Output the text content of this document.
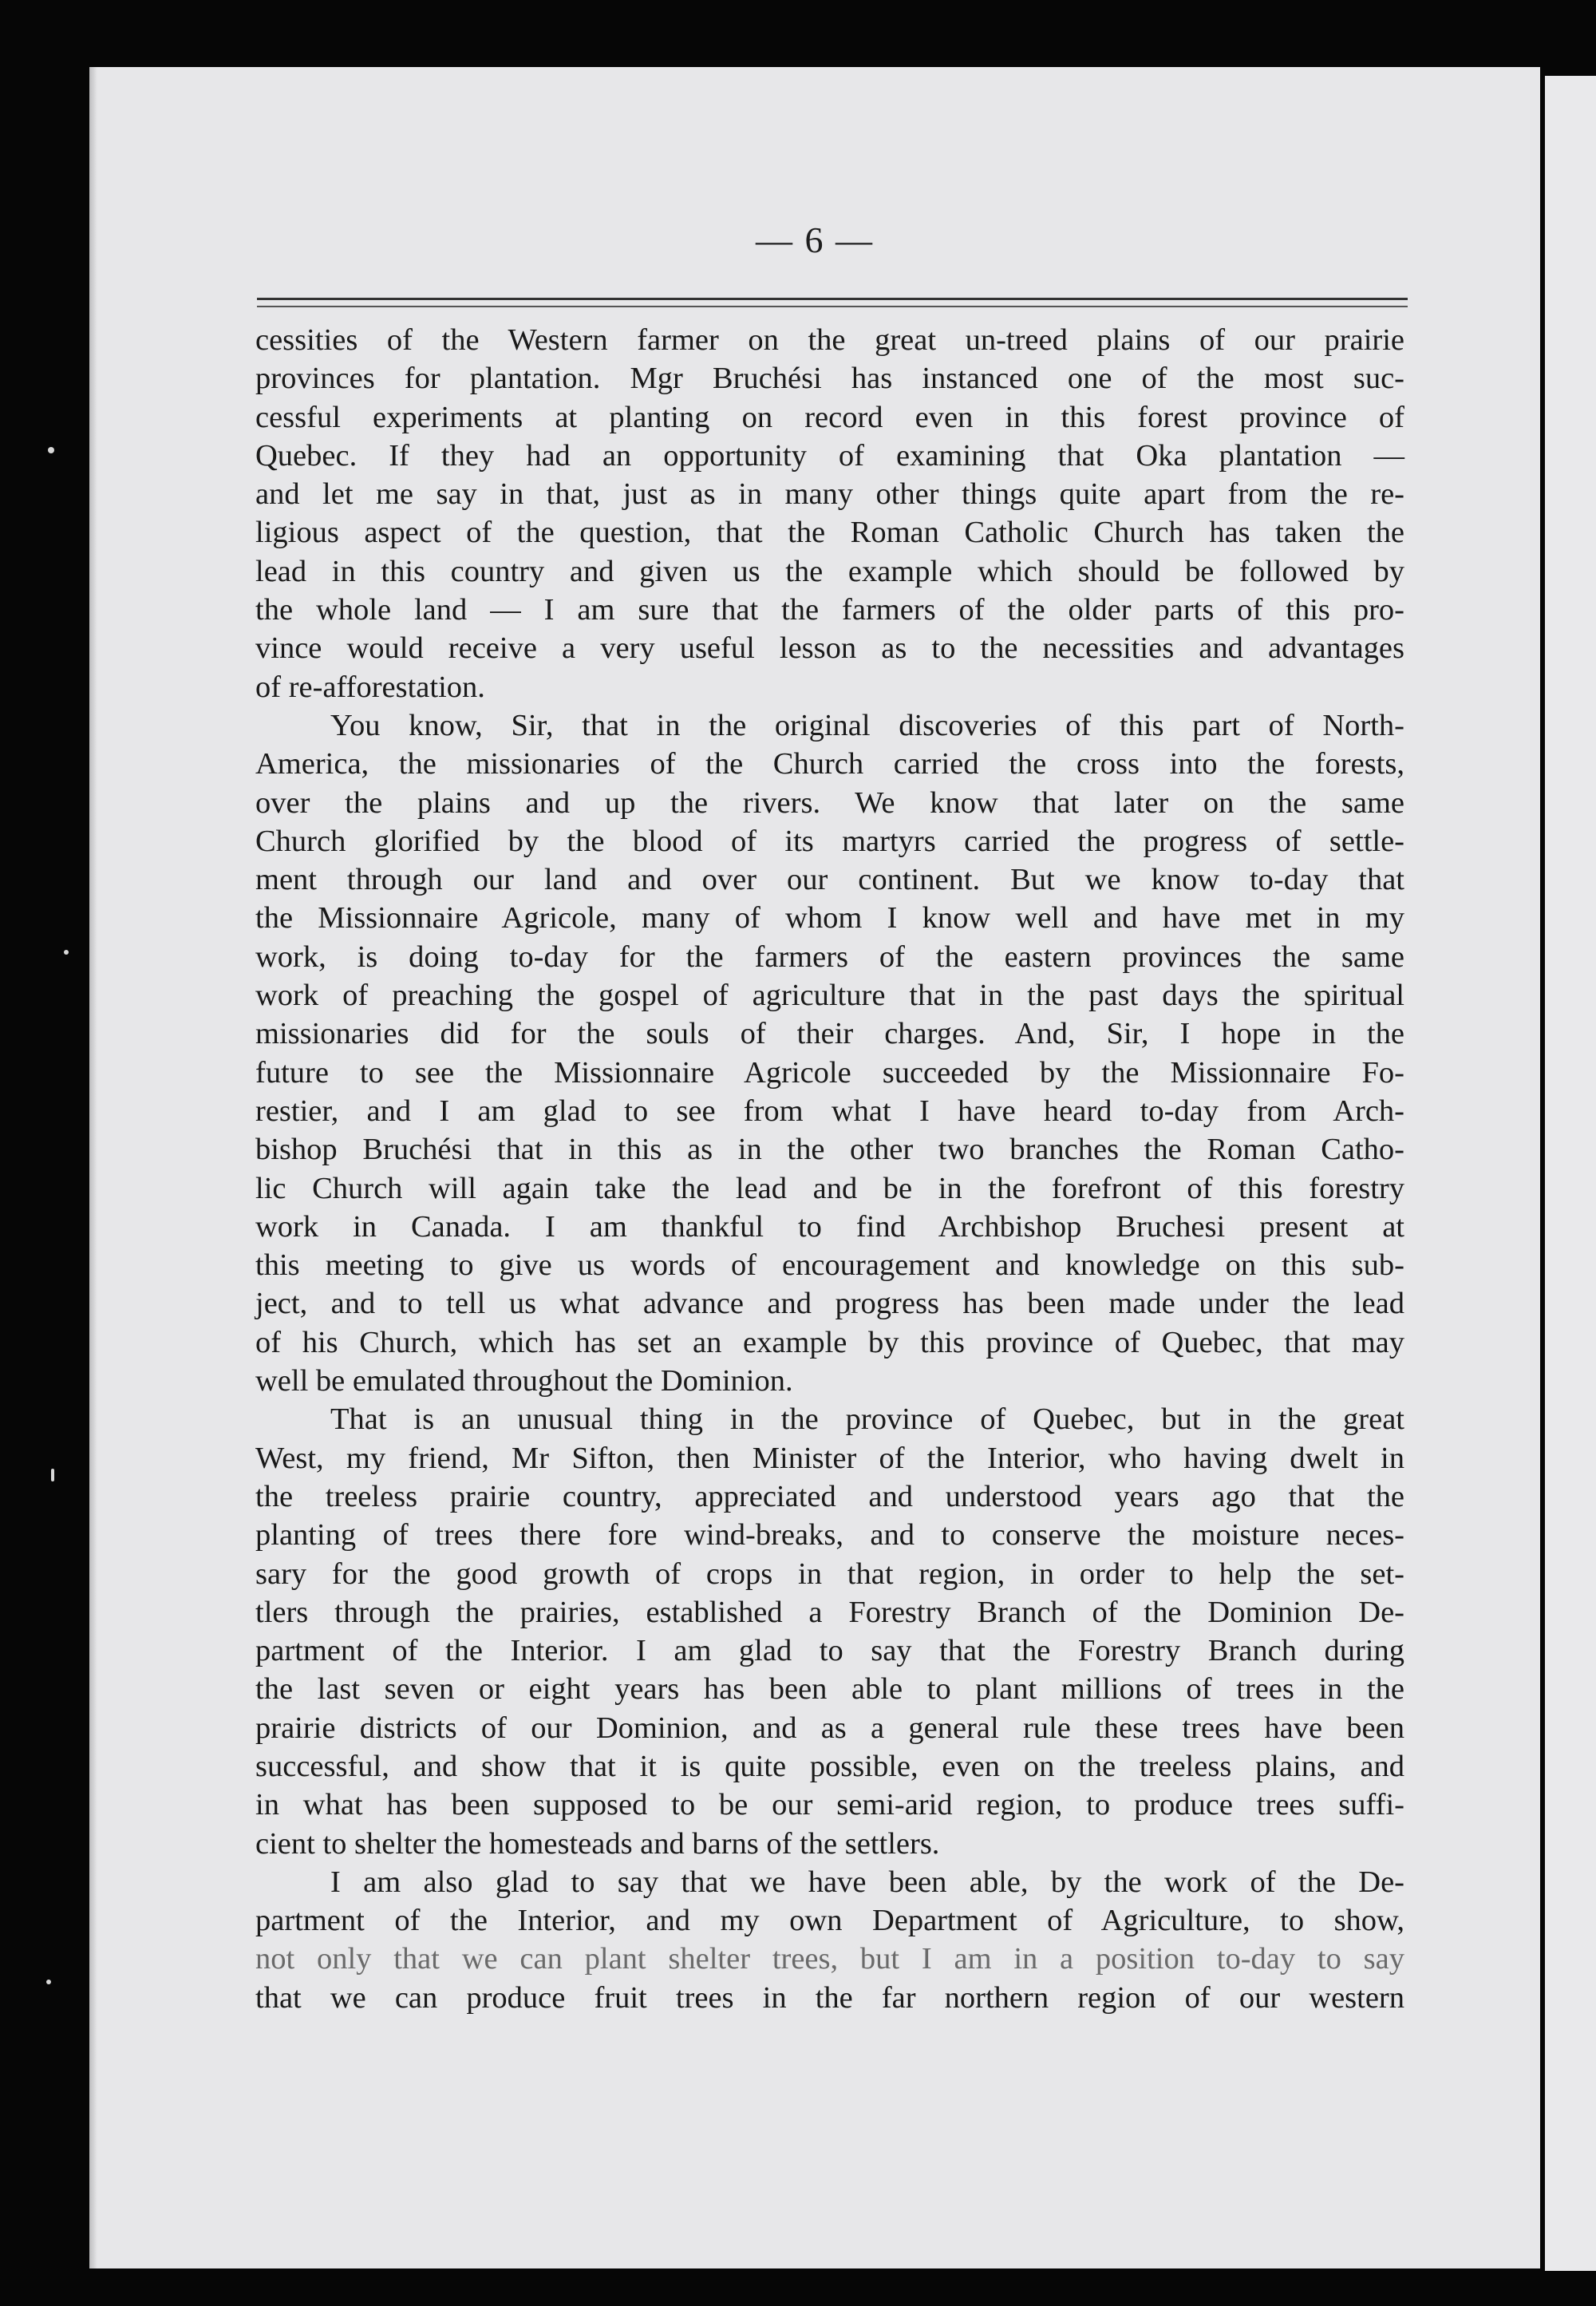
— 6 —

cessities of the Western farmer on the great un-treed plains of our prairie
provinces for plantation. Mgr Bruchési has instanced one of the most suc-
cessful experiments at planting on record even in this forest province of
Quebec. If they had an opportunity of examining that Oka plantation —
and let me say in that, just as in many other things quite apart from the re-
ligious aspect of the question, that the Roman Catholic Church has taken the
lead in this country and given us the example which should be followed by
the whole land — I am sure that the farmers of the older parts of this pro-
vince would receive a very useful lesson as to the necessities and advantages
of re-afforestation.

You know, Sir, that in the original discoveries of this part of North-
America, the missionaries of the Church carried the cross into the forests,
over the plains and up the rivers. We know that later on the same
Church glorified by the blood of its martyrs carried the progress of settle-
ment through our land and over our continent. But we know to-day that
the Missionnaire Agricole, many of whom I know well and have met in my
work, is doing to-day for the farmers of the eastern provinces the same
work of preaching the gospel of agriculture that in the past days the spiritual
missionaries did for the souls of their charges. And, Sir, I hope in the
future to see the Missionnaire Agricole succeeded by the Missionnaire Fo-
restier, and I am glad to see from what I have heard to-day from Arch-
bishop Bruchési that in this as in the other two branches the Roman Catho-
lic Church will again take the lead and be in the forefront of this forestry
work in Canada. I am thankful to find Archbishop Bruchesi present at
this meeting to give us words of encouragement and knowledge on this sub-
ject, and to tell us what advance and progress has been made under the lead
of his Church, which has set an example by this province of Quebec, that may
well be emulated throughout the Dominion.

That is an unusual thing in the province of Quebec, but in the great
West, my friend, Mr Sifton, then Minister of the Interior, who having dwelt in
the treeless prairie country, appreciated and understood years ago that the
planting of trees there fore wind-breaks, and to conserve the moisture neces-
sary for the good growth of crops in that region, in order to help the set-
tlers through the prairies, established a Forestry Branch of the Dominion De-
partment of the Interior. I am glad to say that the Forestry Branch during
the last seven or eight years has been able to plant millions of trees in the
prairie districts of our Dominion, and as a general rule these trees have been
successful, and show that it is quite possible, even on the treeless plains, and
in what has been supposed to be our semi-arid region, to produce trees suffi-
cient to shelter the homesteads and barns of the settlers.

I am also glad to say that we have been able, by the work of the De-
partment of the Interior, and my own Department of Agriculture, to show,
not only that we can plant shelter trees, but I am in a position to-day to say
that we can produce fruit trees in the far northern region of our western
